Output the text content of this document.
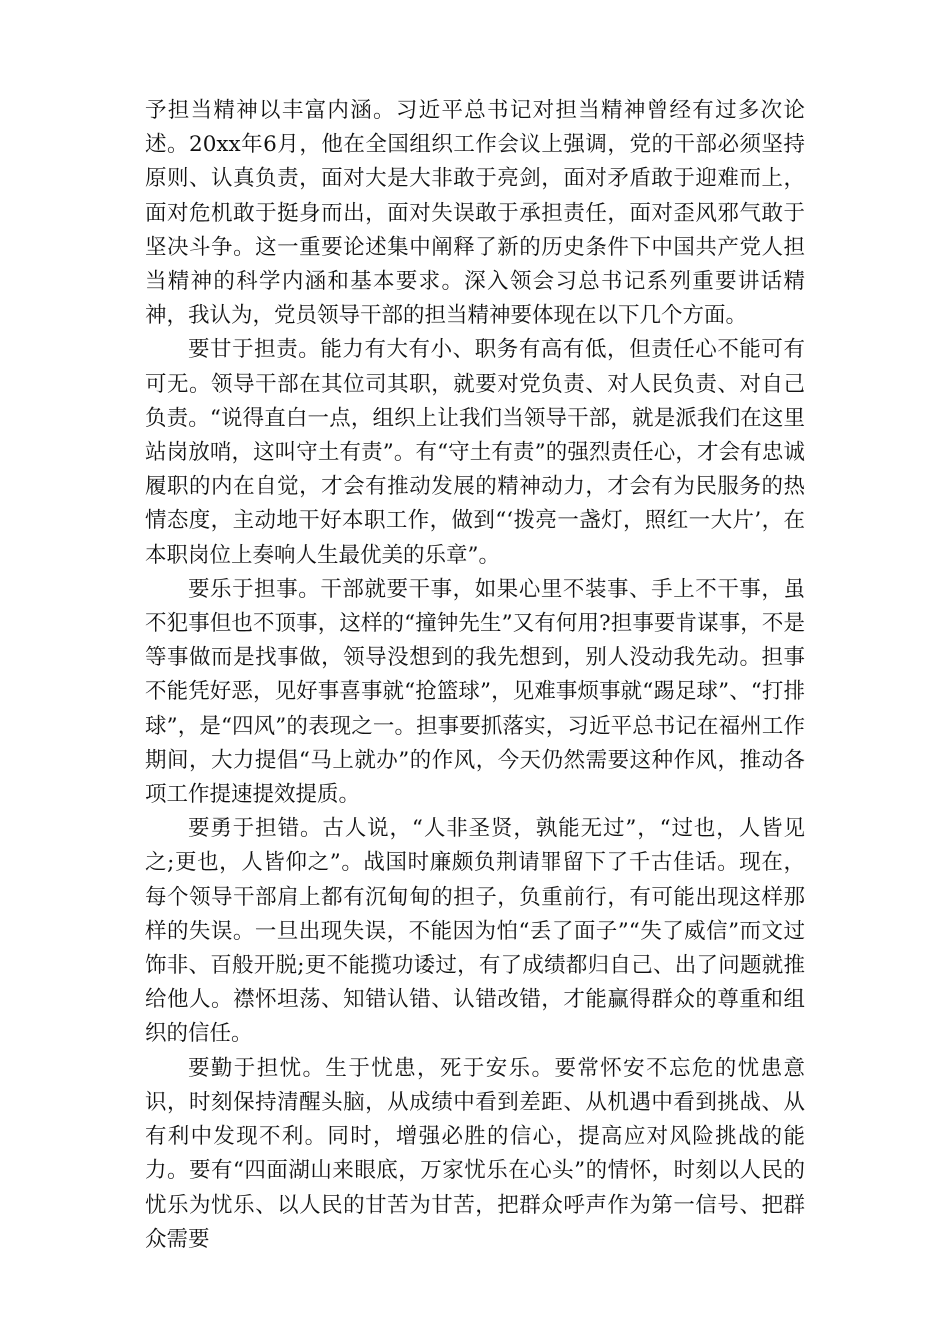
予担当精神以丰富内涵。习近平总书记对担当精神曾经有过多次论述。20xx年6月，他在全国组织工作会议上强调，党的干部必须坚持原则、认真负责，面对大是大非敢于亮剑，面对矛盾敢于迎难而上，面对危机敢于挺身而出，面对失误敢于承担责任，面对歪风邪气敢于坚决斗争。这一重要论述集中阐释了新的历史条件下中国共产党人担当精神的科学内涵和基本要求。深入领会习总书记系列重要讲话精神，我认为，党员领导干部的担当精神要体现在以下几个方面。

要甘于担责。能力有大有小、职务有高有低，但责任心不能可有可无。领导干部在其位司其职，就要对党负责、对人民负责、对自己负责。“说得直白一点，组织上让我们当领导干部，就是派我们在这里站岗放哨，这叫守土有责”。有“守土有责”的强烈责任心，才会有忠诚履职的内在自觉，才会有推动发展的精神动力，才会有为民服务的热情态度，主动地干好本职工作，做到“‘拨亮一盏灯，照红一大片’，在本职岗位上奏响人生最优美的乐章”。

要乐于担事。干部就要干事，如果心里不装事、手上不干事，虽不犯事但也不顶事，这样的“撞钟先生”又有何用?担事要肯谋事，不是等事做而是找事做，领导没想到的我先想到，别人没动我先动。担事不能凭好恶，见好事喜事就“抢篮球”，见难事烦事就“踢足球”、“打排球”，是“四风”的表现之一。担事要抓落实，习近平总书记在福州工作期间，大力提倡“马上就办”的作风，今天仍然需要这种作风，推动各项工作提速提效提质。

要勇于担错。古人说，“人非圣贤，孰能无过”，“过也，人皆见之;更也，人皆仰之”。战国时廉颇负荆请罪留下了千古佳话。现在，每个领导干部肩上都有沉甸甸的担子，负重前行，有可能出现这样那样的失误。一旦出现失误，不能因为怕“丢了面子”“失了威信”而文过饰非、百般开脱;更不能揽功诿过，有了成绩都归自己、出了问题就推给他人。襟怀坦荡、知错认错、认错改错，才能赢得群众的尊重和组织的信任。

要勤于担忧。生于忧患，死于安乐。要常怀安不忘危的忧患意识，时刻保持清醒头脑，从成绩中看到差距、从机遇中看到挑战、从有利中发现不利。同时，增强必胜的信心，提高应对风险挑战的能力。要有“四面湖山来眼底，万家忧乐在心头”的情怀，时刻以人民的忧乐为忧乐、以人民的甘苦为甘苦，把群众呼声作为第一信号、把群众需要
